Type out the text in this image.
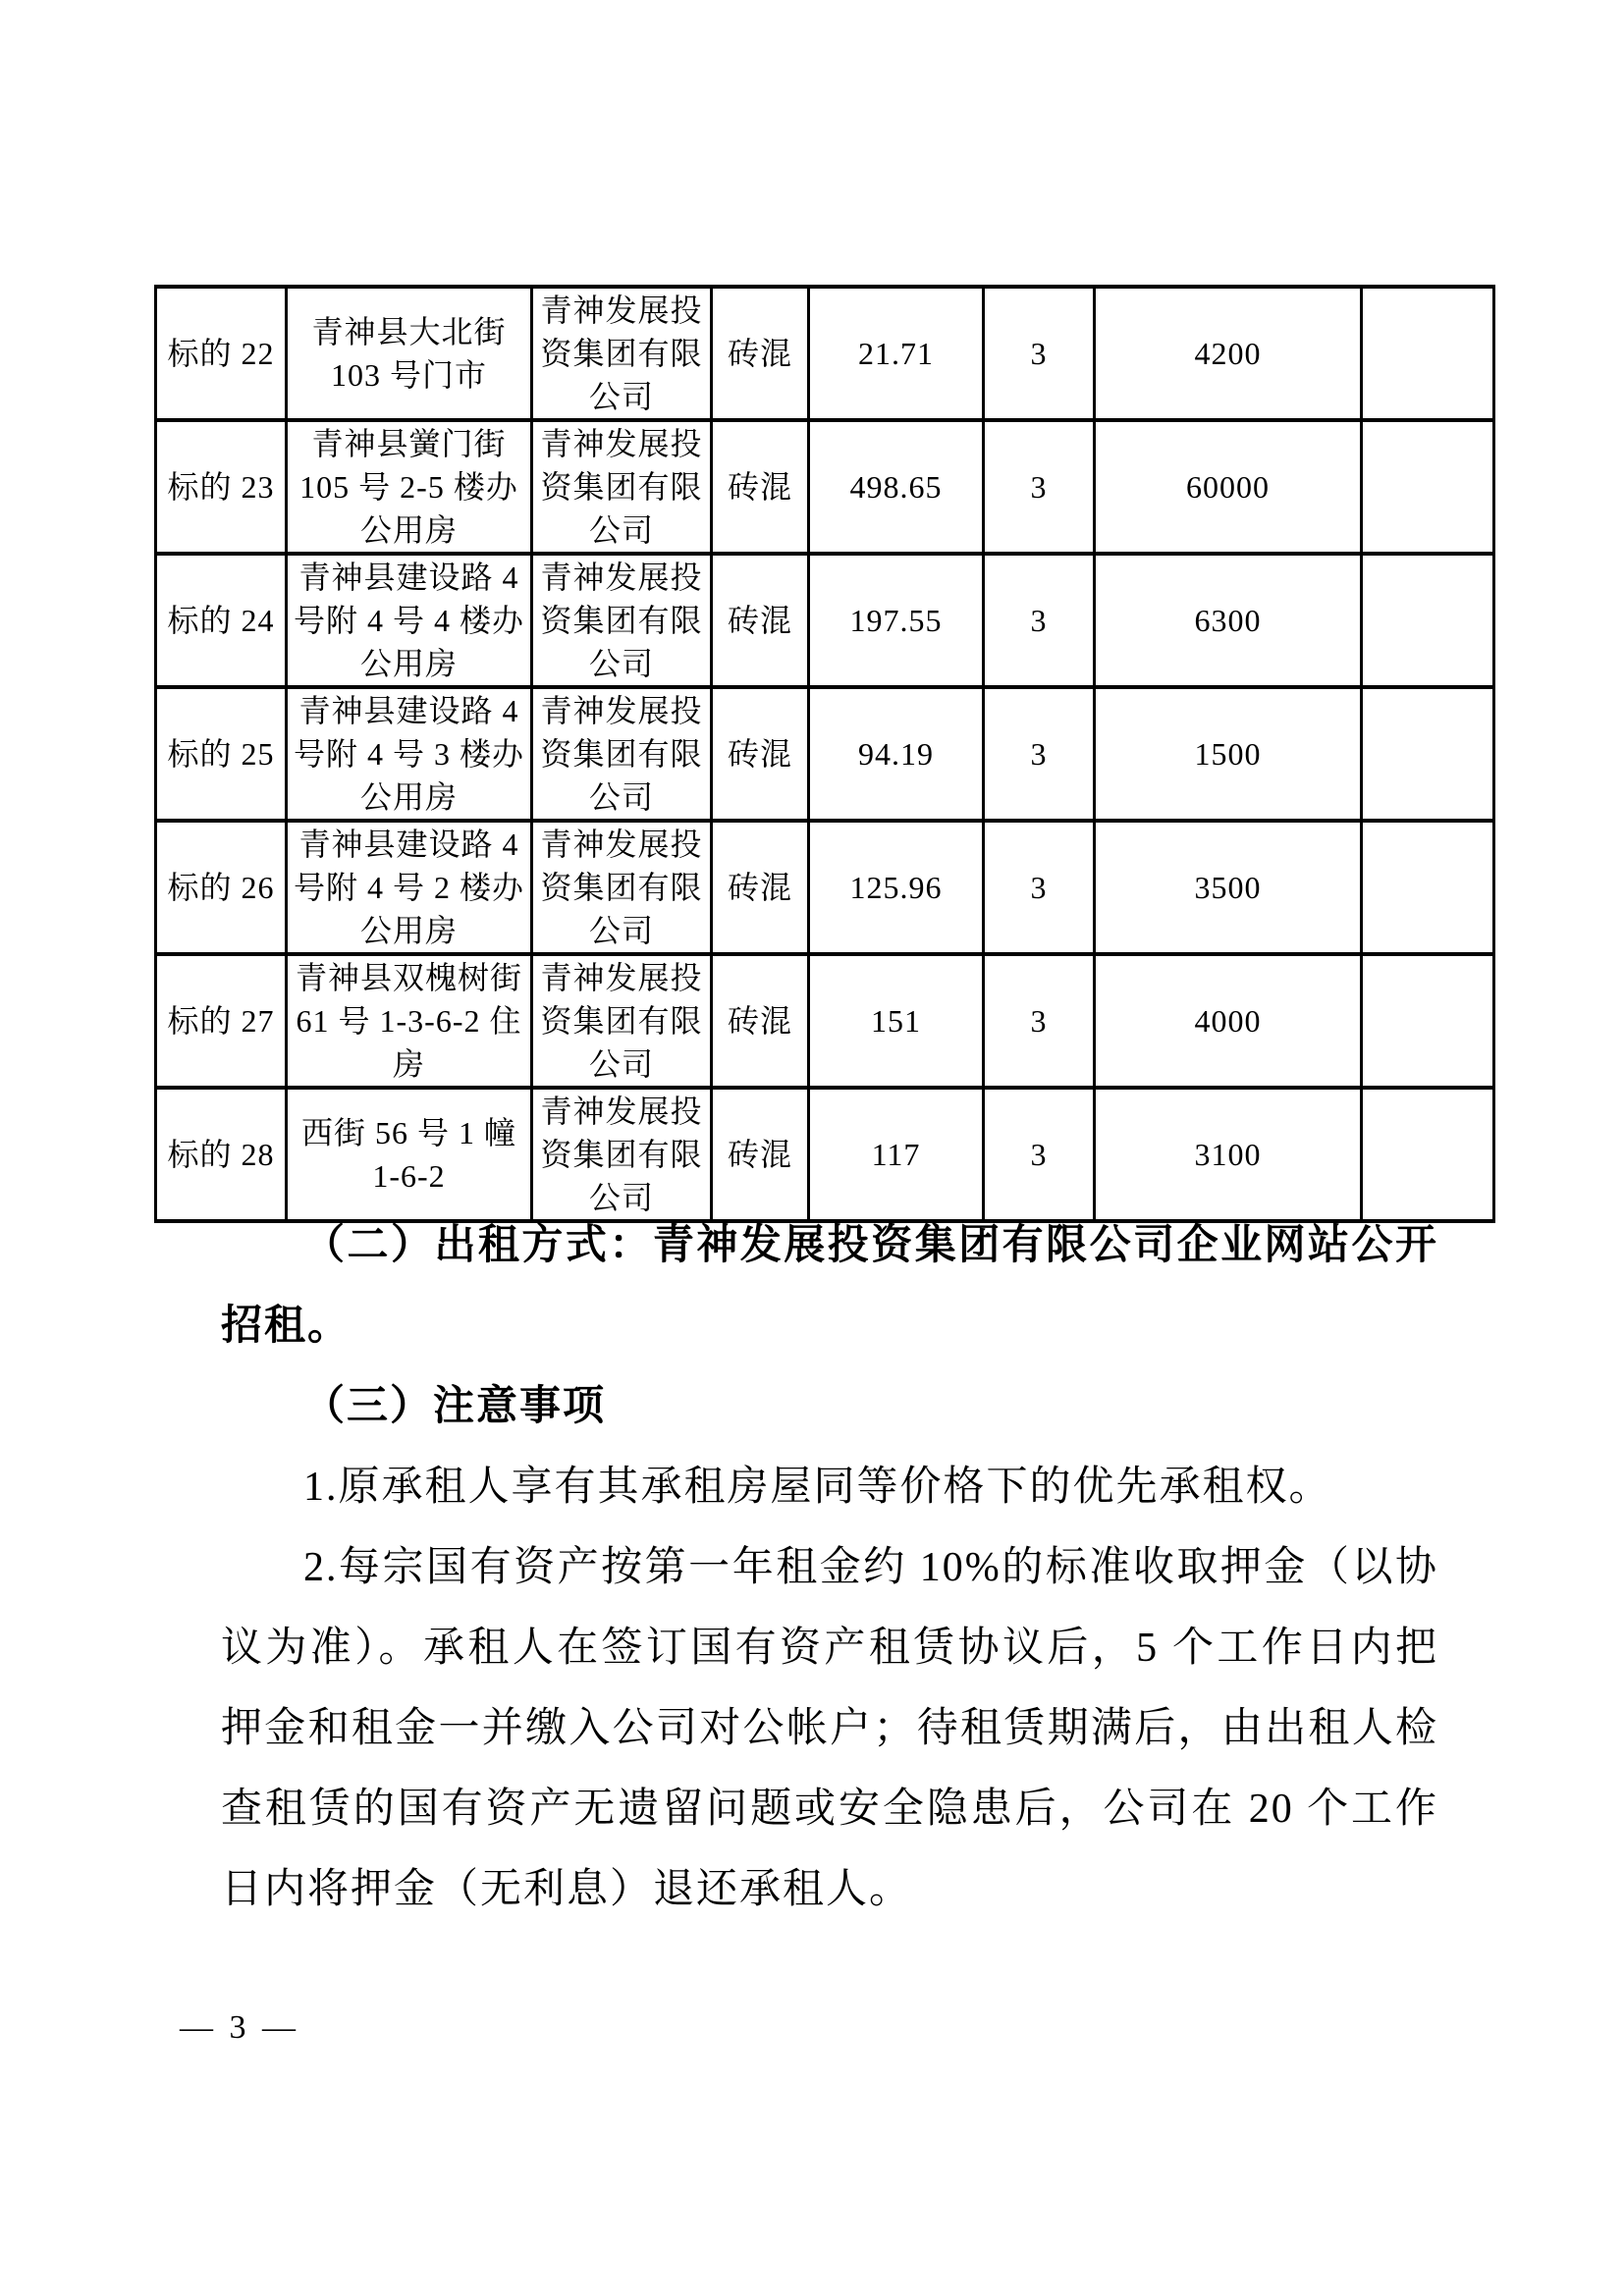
标的 22	青神县大北街 103 号门市	青神发展投资集团有限公司	砖混	21.71	3	4200	
标的 23	青神县黉门街 105 号 2-5 楼办公用房	青神发展投资集团有限公司	砖混	498.65	3	60000	
标的 24	青神县建设路 4 号附 4 号 4 楼办公用房	青神发展投资集团有限公司	砖混	197.55	3	6300	
标的 25	青神县建设路 4 号附 4 号 3 楼办公用房	青神发展投资集团有限公司	砖混	94.19	3	1500	
标的 26	青神县建设路 4 号附 4 号 2 楼办公用房	青神发展投资集团有限公司	砖混	125.96	3	3500	
标的 27	青神县双槐树街 61 号 1-3-6-2 住房	青神发展投资集团有限公司	砖混	151	3	4000	
标的 28	西街 56 号 1 幢 1-6-2	青神发展投资集团有限公司	砖混	117	3	3100	

（二）出租方式：青神发展投资集团有限公司企业网站公开招租。

（三）注意事项

1.原承租人享有其承租房屋同等价格下的优先承租权。

2.每宗国有资产按第一年租金约 10%的标准收取押金（以协议为准）。承租人在签订国有资产租赁协议后，5 个工作日内把押金和租金一并缴入公司对公帐户；待租赁期满后，由出租人检查租赁的国有资产无遗留问题或安全隐患后，公司在 20 个工作日内将押金（无利息）退还承租人。

— 3 —
